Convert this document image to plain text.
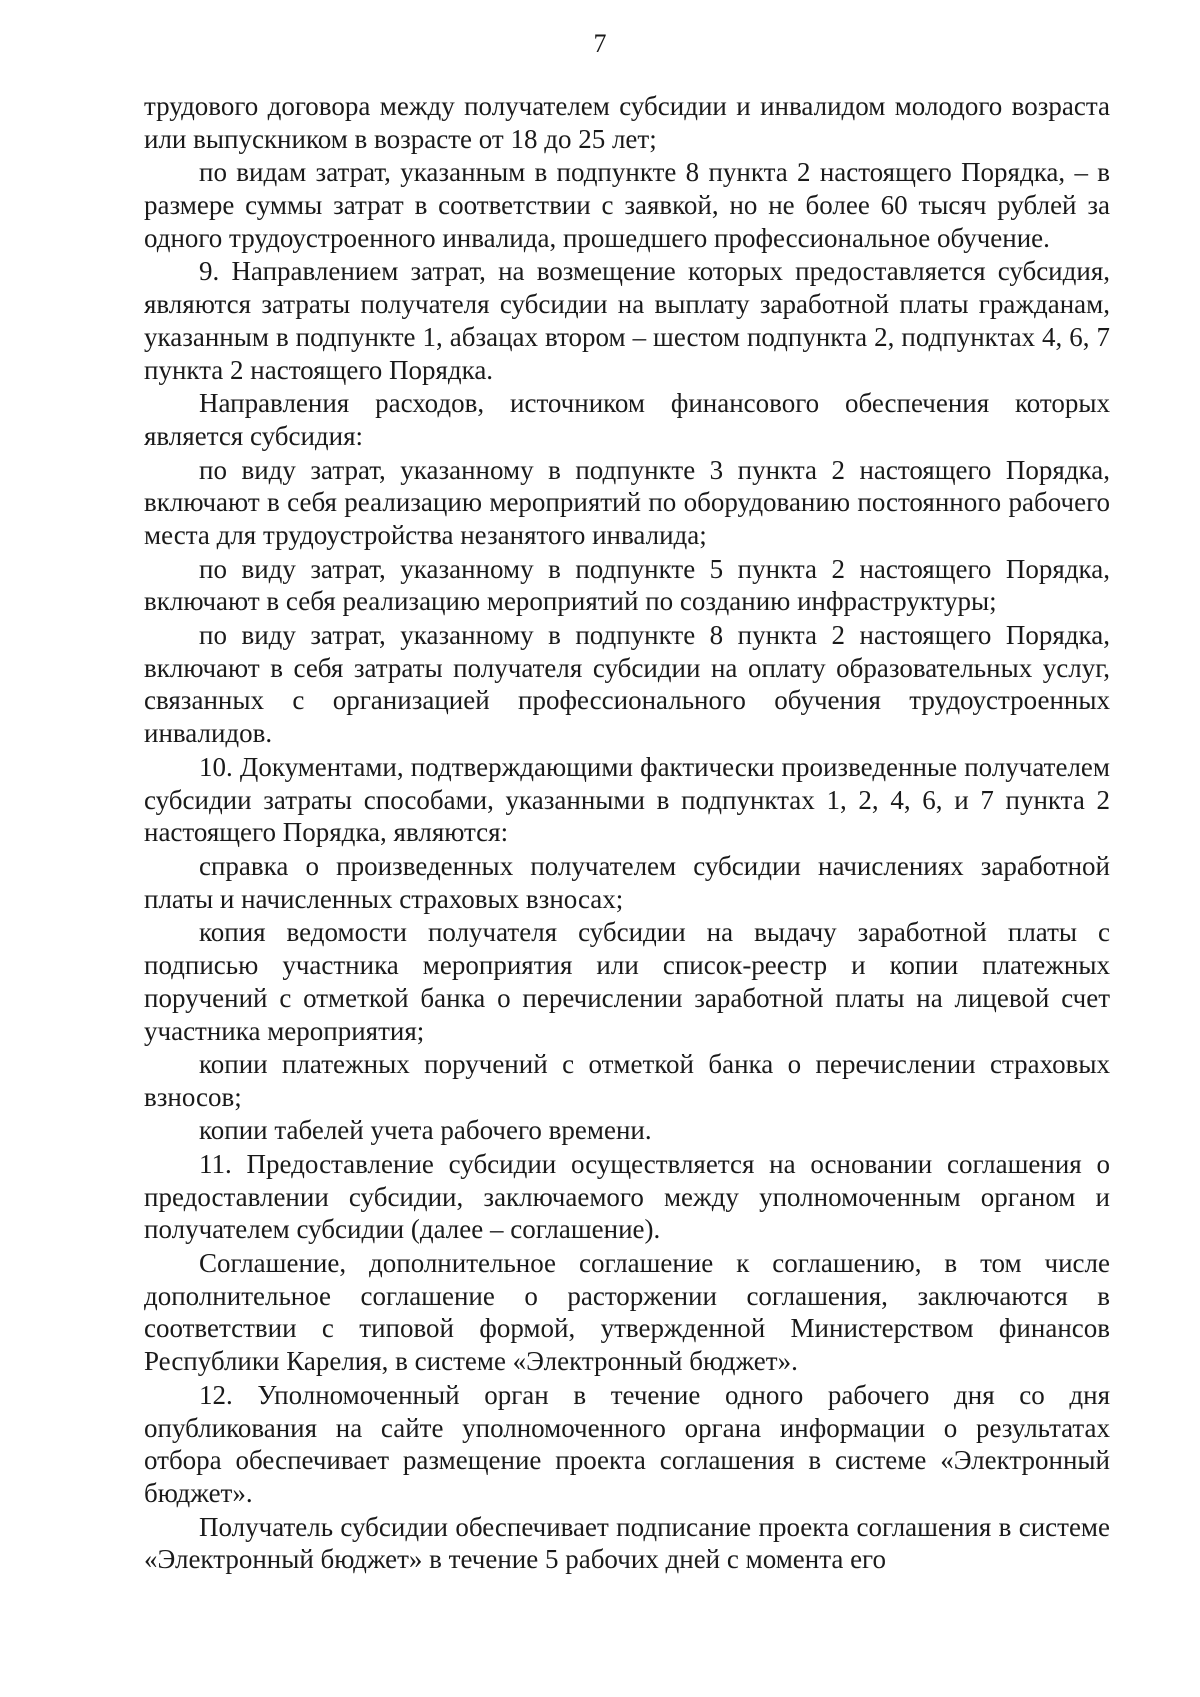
7

трудового договора между получателем субсидии и инвалидом молодого возраста или выпускником в возрасте от 18 до 25 лет;

по видам затрат, указанным в подпункте 8 пункта 2 настоящего Порядка, – в размере суммы затрат в соответствии с заявкой, но не более 60 тысяч рублей за одного трудоустроенного инвалида, прошедшего профессиональное обучение.

9. Направлением затрат, на возмещение которых предоставляется субсидия, являются затраты получателя субсидии на выплату заработной платы гражданам, указанным в подпункте 1, абзацах втором – шестом подпункта 2, подпунктах 4, 6, 7 пункта 2 настоящего Порядка.

Направления расходов, источником финансового обеспечения которых является субсидия:

по виду затрат, указанному в подпункте 3 пункта 2 настоящего Порядка, включают в себя реализацию мероприятий по оборудованию постоянного рабочего места для трудоустройства незанятого инвалида;

по виду затрат, указанному в подпункте 5 пункта 2 настоящего Порядка, включают в себя реализацию мероприятий по созданию инфраструктуры;

по виду затрат, указанному в подпункте 8 пункта 2 настоящего Порядка, включают в себя затраты получателя субсидии на оплату образовательных услуг, связанных с организацией профессионального обучения трудоустроенных инвалидов.

10. Документами, подтверждающими фактически произведенные получателем субсидии затраты способами, указанными в подпунктах 1, 2, 4, 6, и 7 пункта 2 настоящего Порядка, являются:

справка о произведенных получателем субсидии начислениях заработной платы и начисленных страховых взносах;

копия ведомости получателя субсидии на выдачу заработной платы с подписью участника мероприятия или список-реестр и копии платежных поручений с отметкой банка о перечислении заработной платы на лицевой счет участника мероприятия;

копии платежных поручений с отметкой банка о перечислении страховых взносов;

копии табелей учета рабочего времени.

11. Предоставление субсидии осуществляется на основании соглашения о предоставлении субсидии, заключаемого между уполномоченным органом и получателем субсидии (далее – соглашение).

Соглашение, дополнительное соглашение к соглашению, в том числе дополнительное соглашение о расторжении соглашения, заключаются в соответствии с типовой формой, утвержденной Министерством финансов Республики Карелия, в системе «Электронный бюджет».

12. Уполномоченный орган в течение одного рабочего дня со дня опубликования на сайте уполномоченного органа информации о результатах отбора обеспечивает размещение проекта соглашения в системе «Электронный бюджет».

Получатель субсидии обеспечивает подписание проекта соглашения в системе «Электронный бюджет» в течение 5 рабочих дней с момента его
